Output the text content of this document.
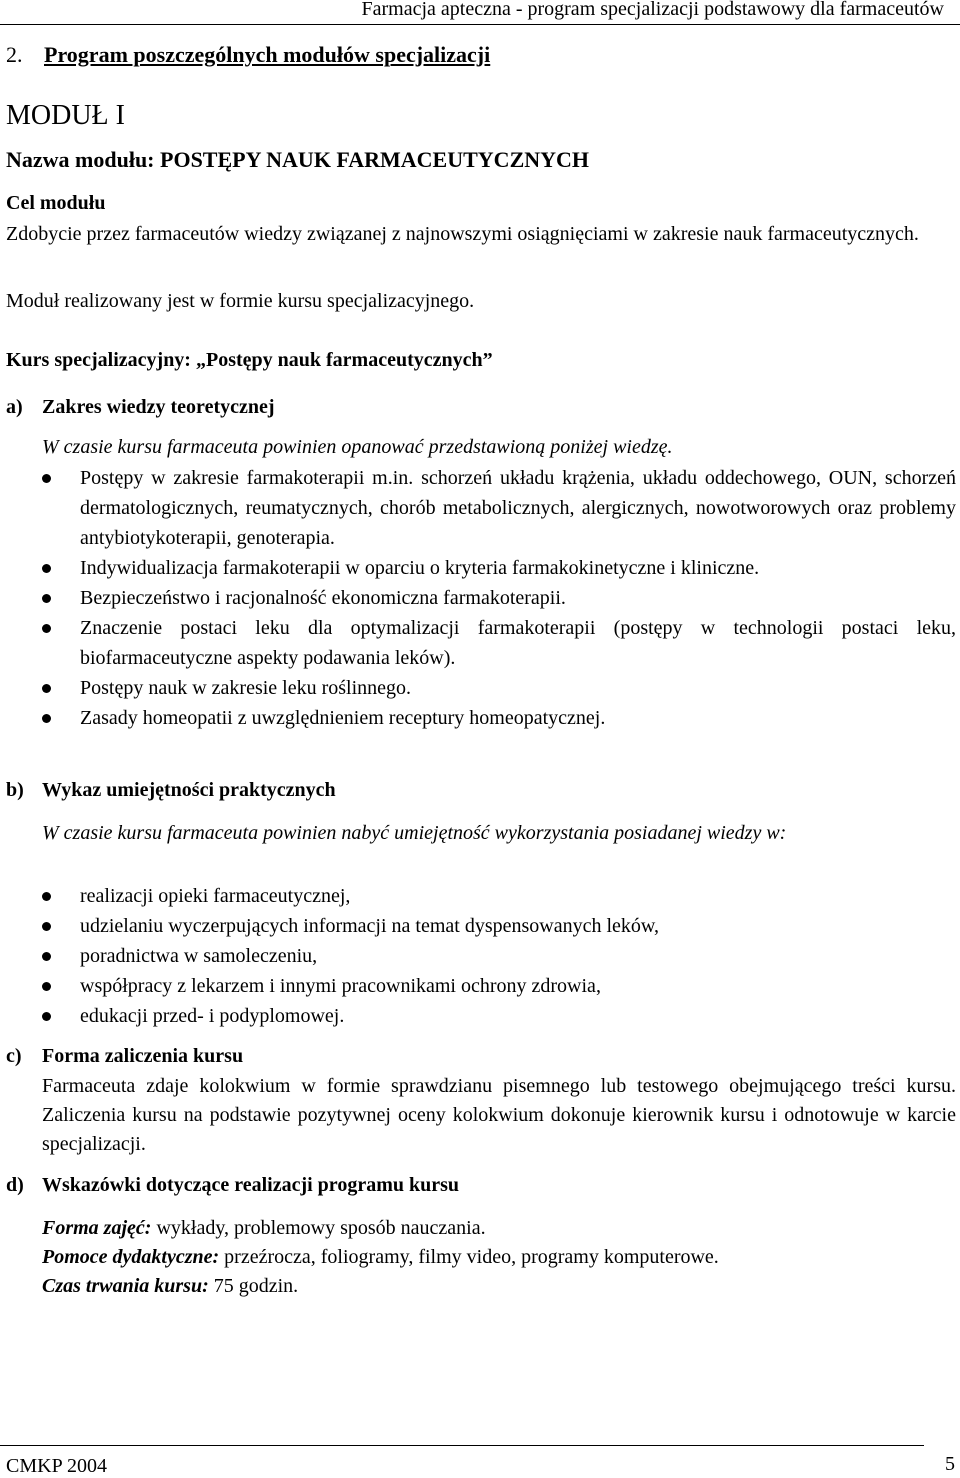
Farmacja apteczna - program specjalizacji podstawowy dla farmaceutów
2. Program poszczególnych modułów specjalizacji
MODUŁ I
Nazwa modułu: POSTĘPY NAUK FARMACEUTYCZNYCH
Cel modułu
Zdobycie przez farmaceutów wiedzy związanej z najnowszymi osiągnięciami w zakresie nauk farmaceutycznych.
Moduł realizowany jest w formie kursu specjalizacyjnego.
Kurs specjalizacyjny: „Postępy nauk farmaceutycznych”
a) Zakres wiedzy teoretycznej
W czasie kursu farmaceuta powinien opanować przedstawioną poniżej wiedzę.
Postępy w zakresie farmakoterapii m.in. schorzeń układu krążenia, układu oddechowego, OUN, schorzeń dermatologicznych, reumatycznych, chorób metabolicznych, alergicznych, nowotworowych oraz problemy antybiotykoterapii, genoterapia.
Indywidualizacja farmakoterapii w oparciu o kryteria farmakokinetyczne i kliniczne.
Bezpieczeństwo i racjonalność ekonomiczna farmakoterapii.
Znaczenie postaci leku dla optymalizacji farmakoterapii (postępy w technologii postaci leku, biofarmaceutyczne aspekty podawania leków).
Postępy nauk w zakresie leku roślinnego.
Zasady homeopatii z uwzględnieniem receptury homeopatycznej.
b) Wykaz umiejętności praktycznych
W czasie kursu farmaceuta powinien nabyć umiejętność wykorzystania posiadanej wiedzy w:
realizacji opieki farmaceutycznej,
udzielaniu wyczerpujących informacji na temat dyspensowanych leków,
poradnictwa w samoleczeniu,
współpracy z lekarzem i innymi pracownikami ochrony zdrowia,
edukacji przed- i podyplomowej.
c) Forma zaliczenia kursu
Farmaceuta zdaje kolokwium w formie sprawdzianu pisemnego lub testowego obejmującego treści kursu. Zaliczenia kursu na podstawie pozytywnej oceny kolokwium dokonuje kierownik kursu i odnotowuje w karcie specjalizacji.
d) Wskazówki dotyczące realizacji programu kursu
Forma zajęć: wykłady, problemowy sposób nauczania.
Pomoce dydaktyczne: przeźrocza, foliogramy, filmy video, programy komputerowe.
Czas trwania kursu: 75 godzin.
CMKP 2004	5
